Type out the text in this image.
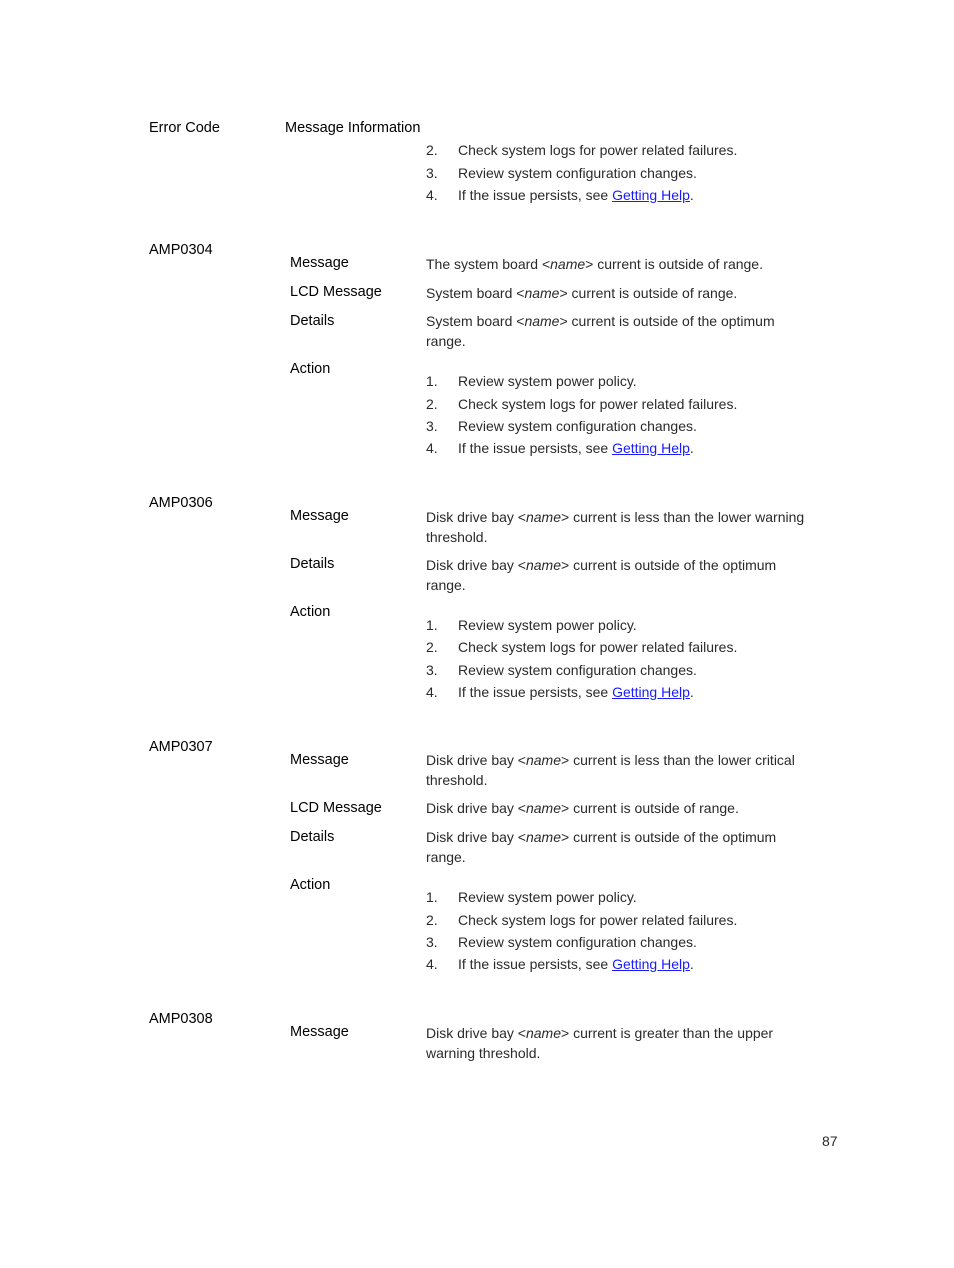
Error Code	Message Information
2. Check system logs for power related failures.
3. Review system configuration changes.
4. If the issue persists, see Getting Help.
AMP0304
Message	The system board <name> current is outside of range.
LCD Message	System board <name> current is outside of range.
Details	System board <name> current is outside of the optimum range.
Action
1. Review system power policy.
2. Check system logs for power related failures.
3. Review system configuration changes.
4. If the issue persists, see Getting Help.
AMP0306
Message	Disk drive bay <name> current is less than the lower warning threshold.
Details	Disk drive bay <name> current is outside of the optimum range.
Action
1. Review system power policy.
2. Check system logs for power related failures.
3. Review system configuration changes.
4. If the issue persists, see Getting Help.
AMP0307
Message	Disk drive bay <name> current is less than the lower critical threshold.
LCD Message	Disk drive bay <name> current is outside of range.
Details	Disk drive bay <name> current is outside of the optimum range.
Action
1. Review system power policy.
2. Check system logs for power related failures.
3. Review system configuration changes.
4. If the issue persists, see Getting Help.
AMP0308
Message	Disk drive bay <name> current is greater than the upper warning threshold.
87
